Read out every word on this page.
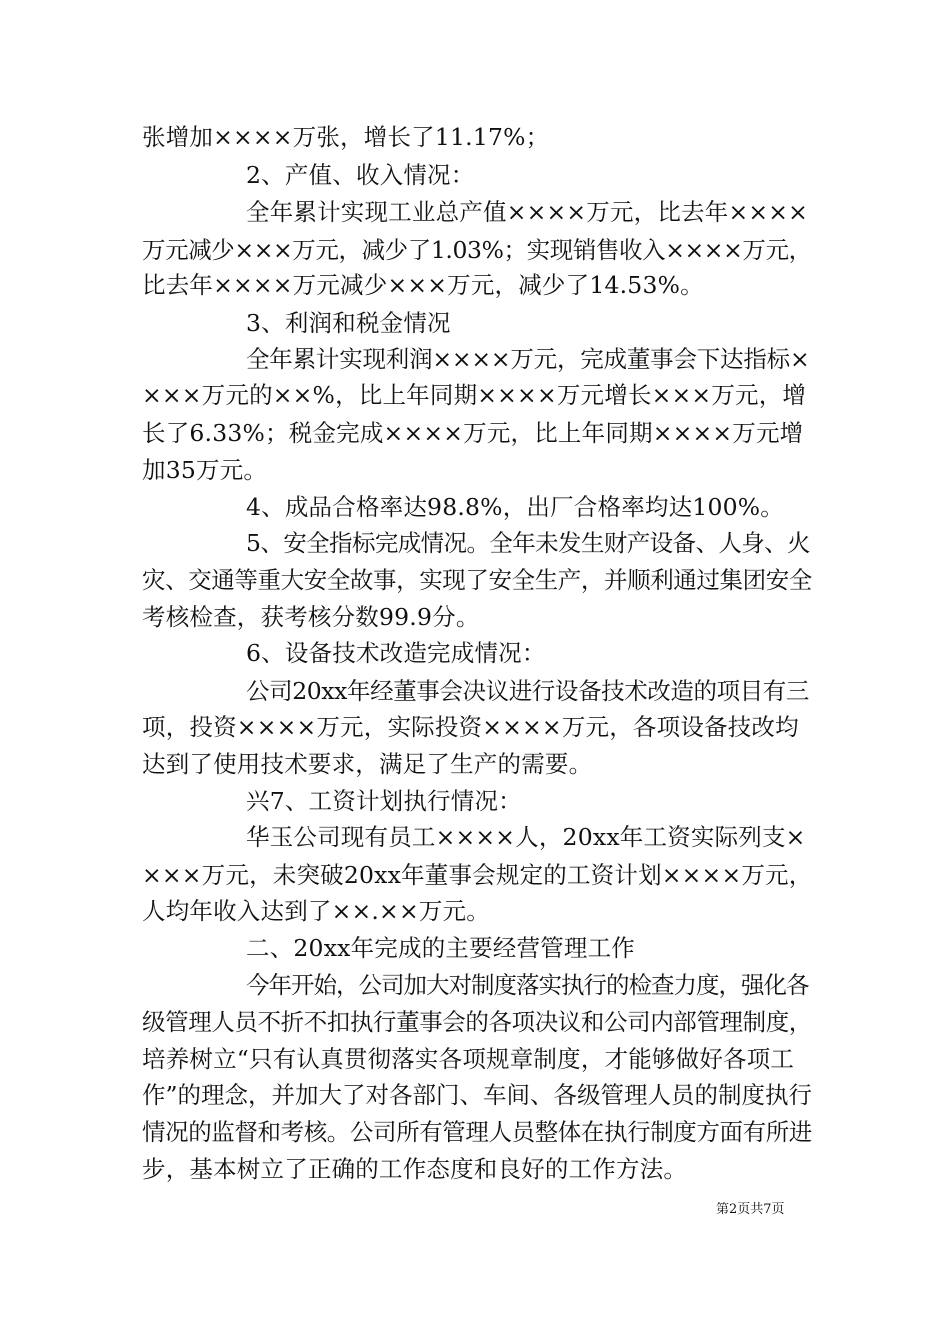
张增加××××万张，增长了11.17%；
2、产值、收入情况：
全年累计实现工业总产值××××万元，比去年××××
万元减少×××万元，减少了1.03%；实现销售收入××××万元，
比去年××××万元减少×××万元，减少了14.53%。
3、利润和税金情况
全年累计实现利润××××万元，完成董事会下达指标×
×××万元的××%，比上年同期××××万元增长×××万元，增
长了6.33%；税金完成××××万元，比上年同期××××万元增
加35万元。
4、成品合格率达98.8%，出厂合格率均达100%。
5、安全指标完成情况。全年未发生财产设备、人身、火
灾、交通等重大安全故事，实现了安全生产，并顺利通过集团安全
考核检查，获考核分数99.9分。
6、设备技术改造完成情况：
公司20xx年经董事会决议进行设备技术改造的项目有三
项，投资××××万元，实际投资××××万元，各项设备技改均
达到了使用技术要求，满足了生产的需要。
兴7、工资计划执行情况：
华玉公司现有员工××××人，20xx年工资实际列支×
×××万元，未突破20xx年董事会规定的工资计划××××万元，
人均年收入达到了××.××万元。
二、20xx年完成的主要经营管理工作
今年开始，公司加大对制度落实执行的检查力度，强化各
级管理人员不折不扣执行董事会的各项决议和公司内部管理制度，
培养树立“只有认真贯彻落实各项规章制度，才能够做好各项工
作”的理念，并加大了对各部门、车间、各级管理人员的制度执行
情况的监督和考核。公司所有管理人员整体在执行制度方面有所进
步，基本树立了正确的工作态度和良好的工作方法。
第2页共7页
